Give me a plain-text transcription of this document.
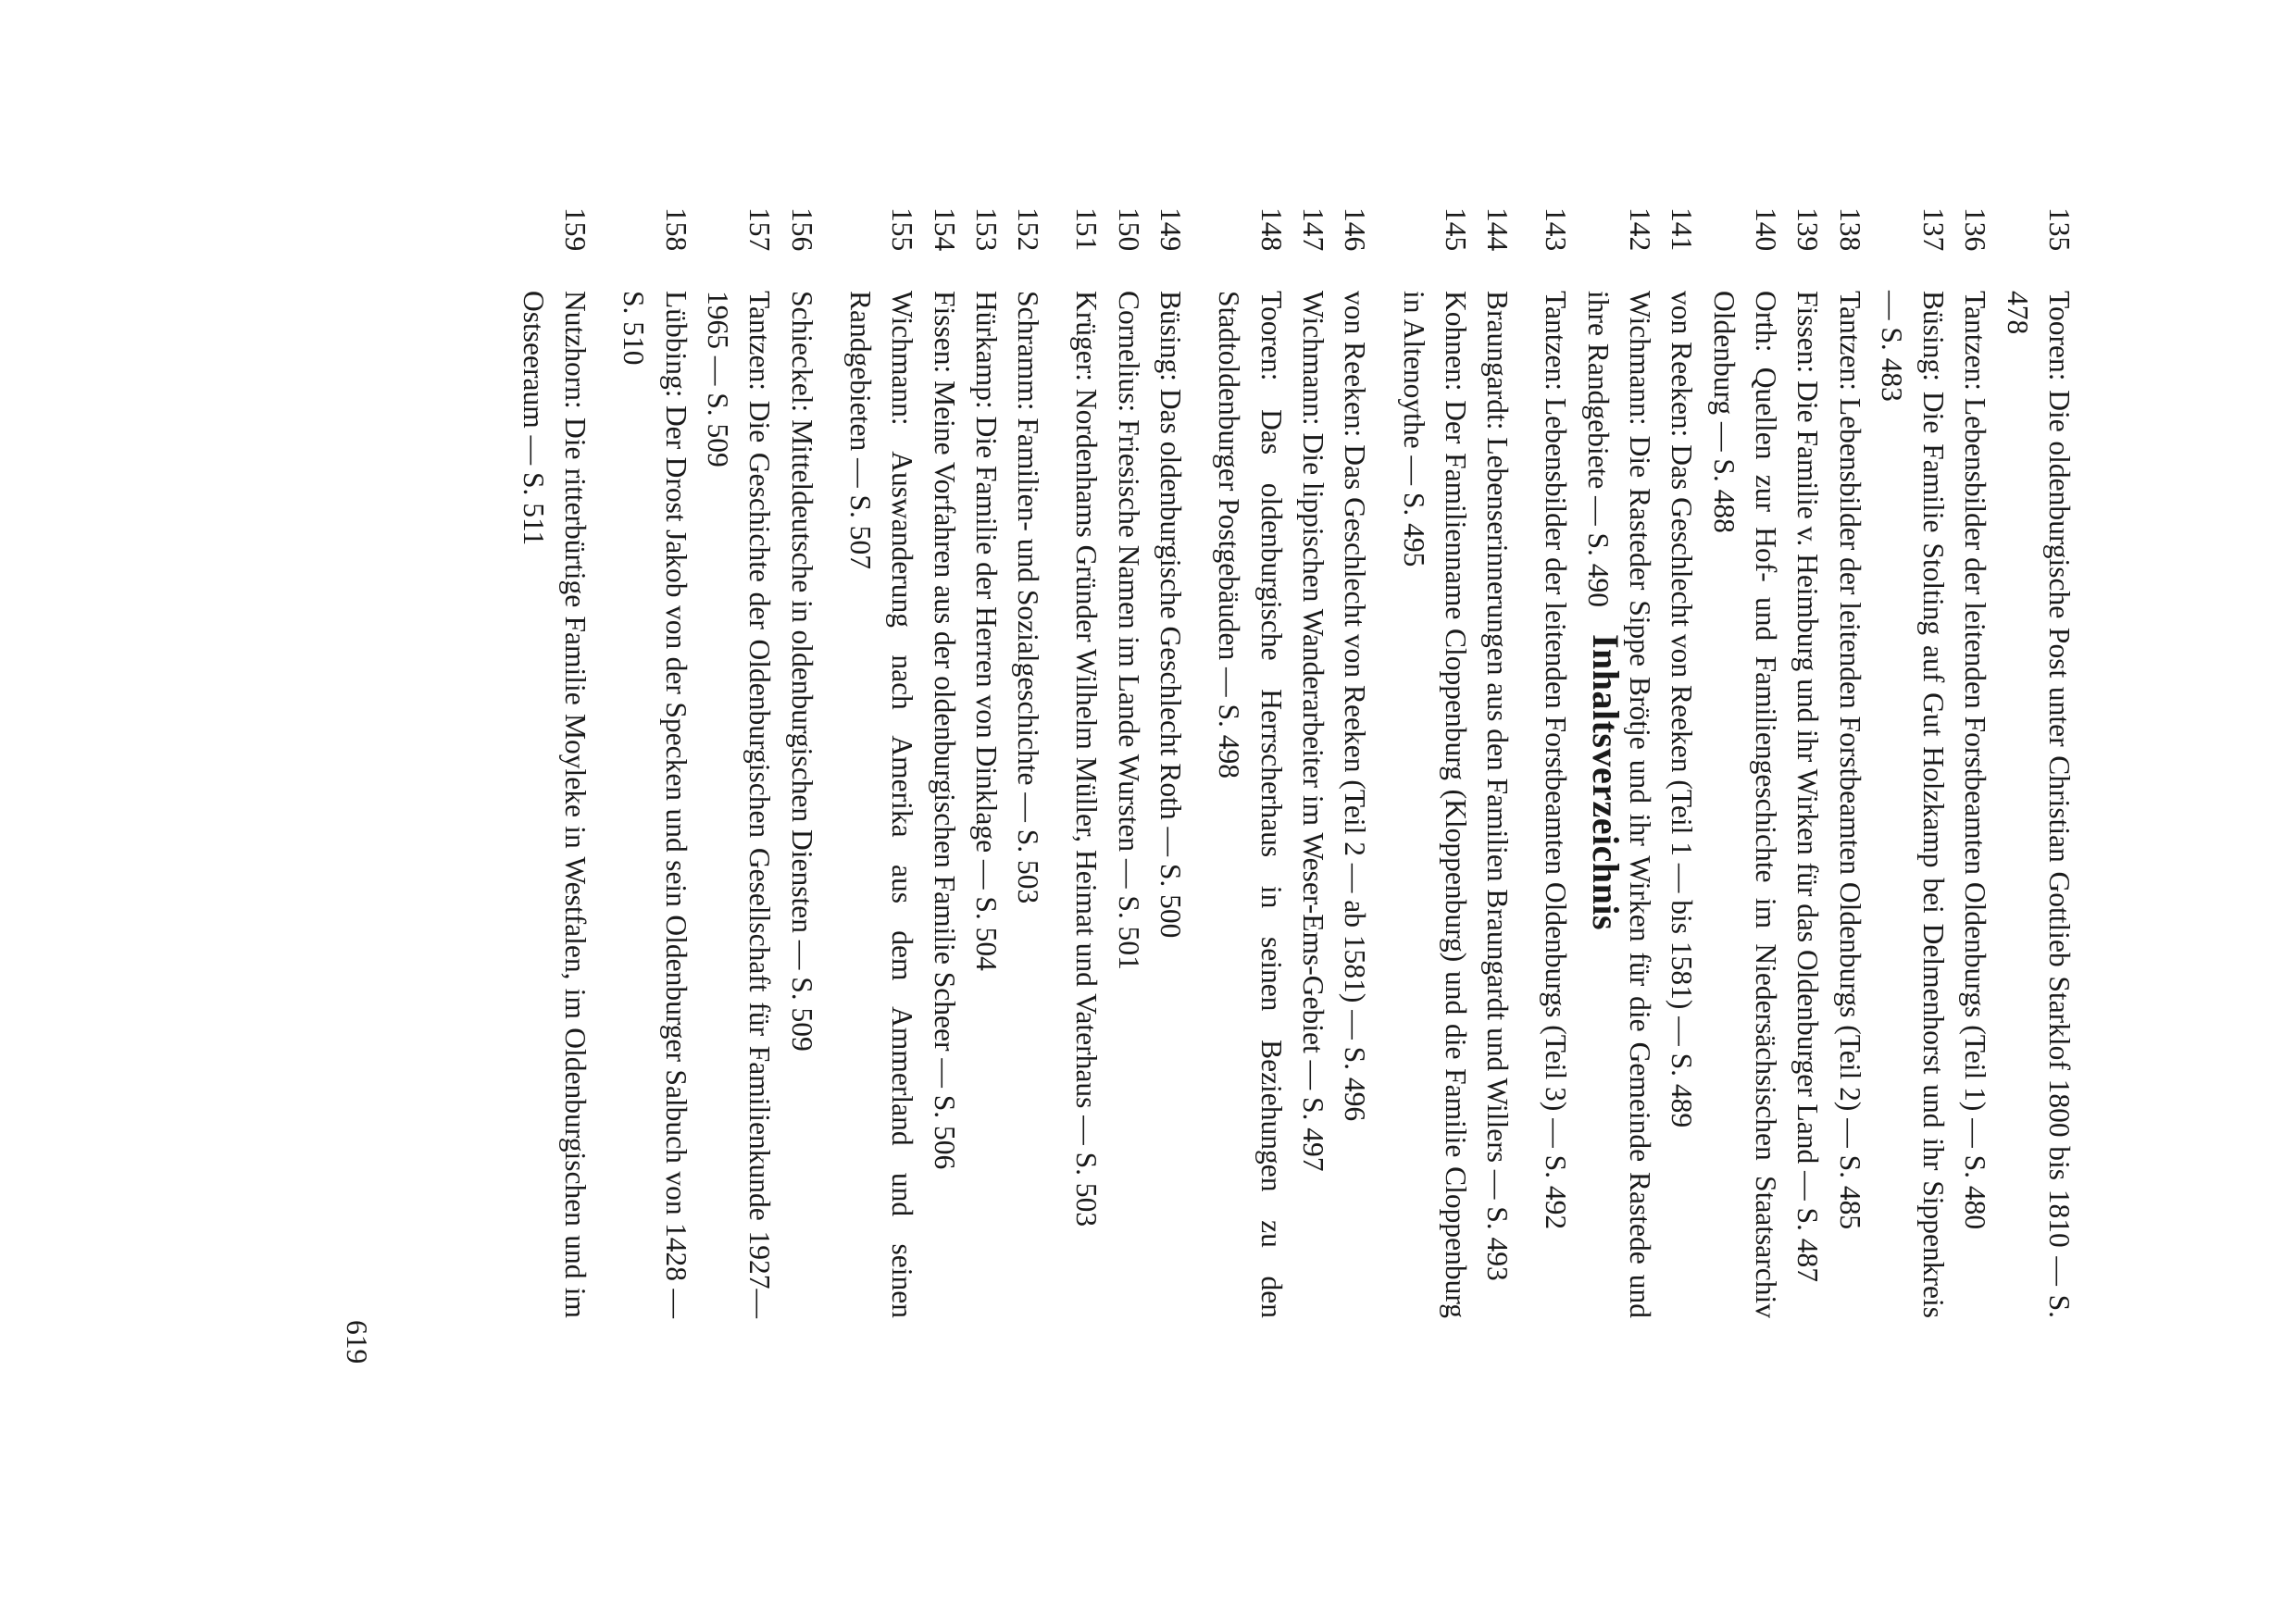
Inhaltsverzeichnis
135
Tooren: Die oldenburgische Post unter Christian Gottlieb Starklof 1800 bis 1810 — S. 478
136
Tantzen: Lebensbilder der leitenden Forstbeamten Oldenburgs (Teil 1) — S. 480
137
Büsing: Die Familie Stolting auf Gut Holzkamp bei Delmenhorst und ihr Sippenkreis — S. 483
138
Tantzen: Lebensbilder der leitenden Forstbeamten Oldenburgs (Teil 2) — S. 485
139
Fissen: Die Familie v. Heimburg und ihr Wirken für das Oldenburger Land — S. 487
140
Orth: Quellen zur Hof- und Familiengeschichte im Niedersächsischen Staatsarchiv Oldenburg — S. 488
141
von Reeken: Das Geschlecht von Reeken (Teil 1 — bis 1581) — S. 489
142
Wichmann: Die Rasteder Sippe Brötje und ihr Wirken für die Gemeinde Rastede und ihre Randgebiete — S. 490
143
Tantzen: Lebensbilder der leitenden Forstbeamten Oldenburgs (Teil 3) — S. 492
144
Braungardt: Lebenserinnerungen aus den Familien Braungardt und Willers — S. 493
145
Kohnen: Der Familienname Cloppenburg (Kloppenburg) und die Familie Cloppenburg in Altenoythe — S. 495
146
von Reeken: Das Geschlecht von Reeken (Teil 2 — ab 1581) — S. 496
147
Wichmann: Die lippischen Wanderarbeiter im Weser-Ems-Gebiet — S. 497
148
Tooren: Das oldenburgische Herrscherhaus in seinen Beziehungen zu den Stadtoldenburger Postgebäuden — S. 498
149
Büsing: Das oldenburgische Geschlecht Roth — S. 500
150
Cornelius: Friesische Namen im Lande Wursten — S. 501
151
Krüger: Nordenhams Gründer Wilhelm Müller, Heimat und Vaterhaus — S. 503
152
Schramm: Familien- und Sozialgeschichte — S. 503
153
Hürkamp: Die Familie der Herren von Dinklage — S. 504
154
Fissen: Meine Vorfahren aus der oldenburgischen Familie Scheer — S. 506
155
Wichmann: Auswanderung nach Amerika aus dem Ammerland und seinen Randgebieten — S. 507
156
Schieckel: Mitteldeutsche in oldenburgischen Diensten — S. 509
157
Tantzen: Die Geschichte der Oldenburgischen Gesellschaft für Familienkunde 1927—1965 — S. 509
158
Lübbing: Der Drost Jakob von der Specken und sein Oldenburger Salbuch von 1428 — S. 510
159
Nutzhorn: Die ritterbürtige Familie Moyleke in Westfalen, im Oldenburgischen und im Ostseeraum — S. 511
619
